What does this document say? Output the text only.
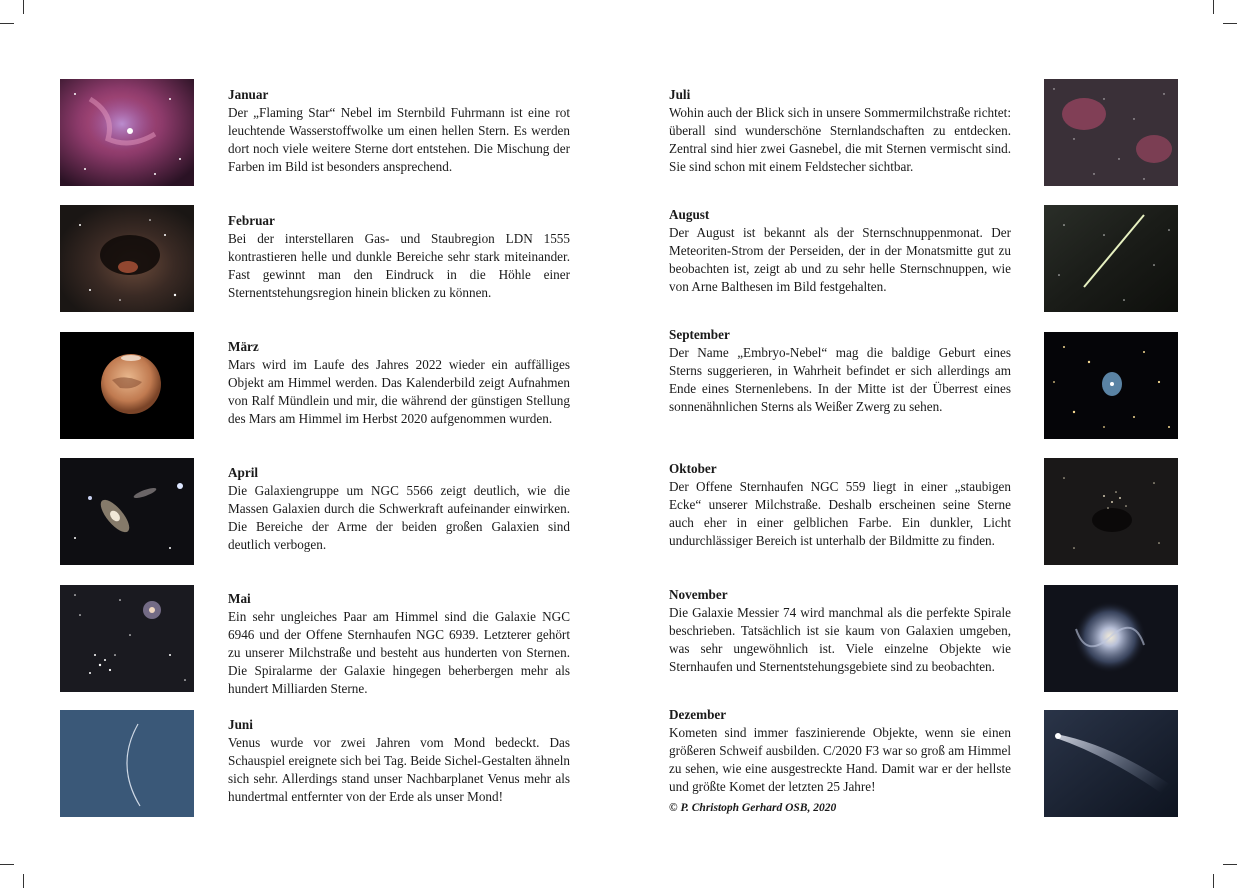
Januar

Der „Flaming Star“ Nebel im Sternbild Fuhrmann ist eine rot leuchtende Wasserstoffwolke um einen hellen Stern. Es werden dort noch viele weitere Sterne dort entstehen. Die Mischung der Farben im Bild ist besonders ansprechend.

Februar

Bei der interstellaren Gas- und Staubregion LDN 1555 kontrastieren helle und dunkle Bereiche sehr stark miteinander. Fast gewinnt man den Eindruck in die Höhle einer Sternentstehungsregion hinein blicken zu können.

März

Mars wird im Laufe des Jahres 2022 wieder ein auffälliges Objekt am Himmel werden. Das Kalenderbild zeigt Aufnahmen von Ralf Mündlein und mir, die während der günstigen Stellung des Mars am Himmel im Herbst 2020 aufgenommen wurden.

April

Die Galaxiengruppe um NGC 5566 zeigt deutlich, wie die Massen Galaxien durch die Schwerkraft aufeinander einwirken. Die Bereiche der Arme der beiden großen Galaxien sind deutlich verbogen.

Mai

Ein sehr ungleiches Paar am Himmel sind die Galaxie NGC 6946 und der Offene Sternhaufen NGC 6939. Letzterer gehört zu unserer Milchstraße und besteht aus hunderten von Sternen. Die Spiralarme der Galaxie hingegen beherbergen mehr als hundert Milliarden Sterne.

Juni

Venus wurde vor zwei Jahren vom Mond bedeckt. Das Schauspiel ereignete sich bei Tag. Beide Sichel-Gestalten ähneln sich sehr. Allerdings stand unser Nachbarplanet Venus mehr als hundertmal entfernter von der Erde als unser Mond!

Juli

Wohin auch der Blick sich in unsere Sommermilchstraße richtet: überall sind wunderschöne Sternlandschaften zu entdecken. Zentral sind hier zwei Gasnebel, die mit Sternen vermischt sind. Sie sind schon mit einem Feldstecher sichtbar.

August

Der August ist bekannt als der Sternschnuppenmonat. Der Meteoriten-Strom der Perseiden, der in der Monatsmitte gut zu beobachten ist, zeigt ab und zu sehr helle Sternschnuppen, wie von Arne Balthesen im Bild festgehalten.

September

Der Name „Embryo-Nebel“ mag die baldige Geburt eines Sterns suggerieren, in Wahrheit befindet er sich allerdings am Ende eines Sternenlebens. In der Mitte ist der Überrest eines sonnenähnlichen Sterns als Weißer Zwerg zu sehen.

Oktober

Der Offene Sternhaufen NGC 559 liegt in einer „staubigen Ecke“ unserer Milchstraße. Deshalb erscheinen seine Sterne auch eher in einer gelblichen Farbe. Ein dunkler, Licht undurchlässiger Bereich ist unterhalb der Bildmitte zu finden.

November

Die Galaxie Messier 74 wird manchmal als die perfekte Spirale beschrieben. Tatsächlich ist sie kaum von Galaxien umgeben, was sehr ungewöhnlich ist. Viele einzelne Objekte wie Sternhaufen und Sternentstehungsgebiete sind zu beobachten.

Dezember

Kometen sind immer faszinierende Objekte, wenn sie einen größeren Schweif ausbilden. C/2020 F3 war so groß am Himmel zu sehen, wie eine ausgestreckte Hand. Damit war er der hellste und größte Komet der letzten 25 Jahre!

© P. Christoph Gerhard OSB, 2020
